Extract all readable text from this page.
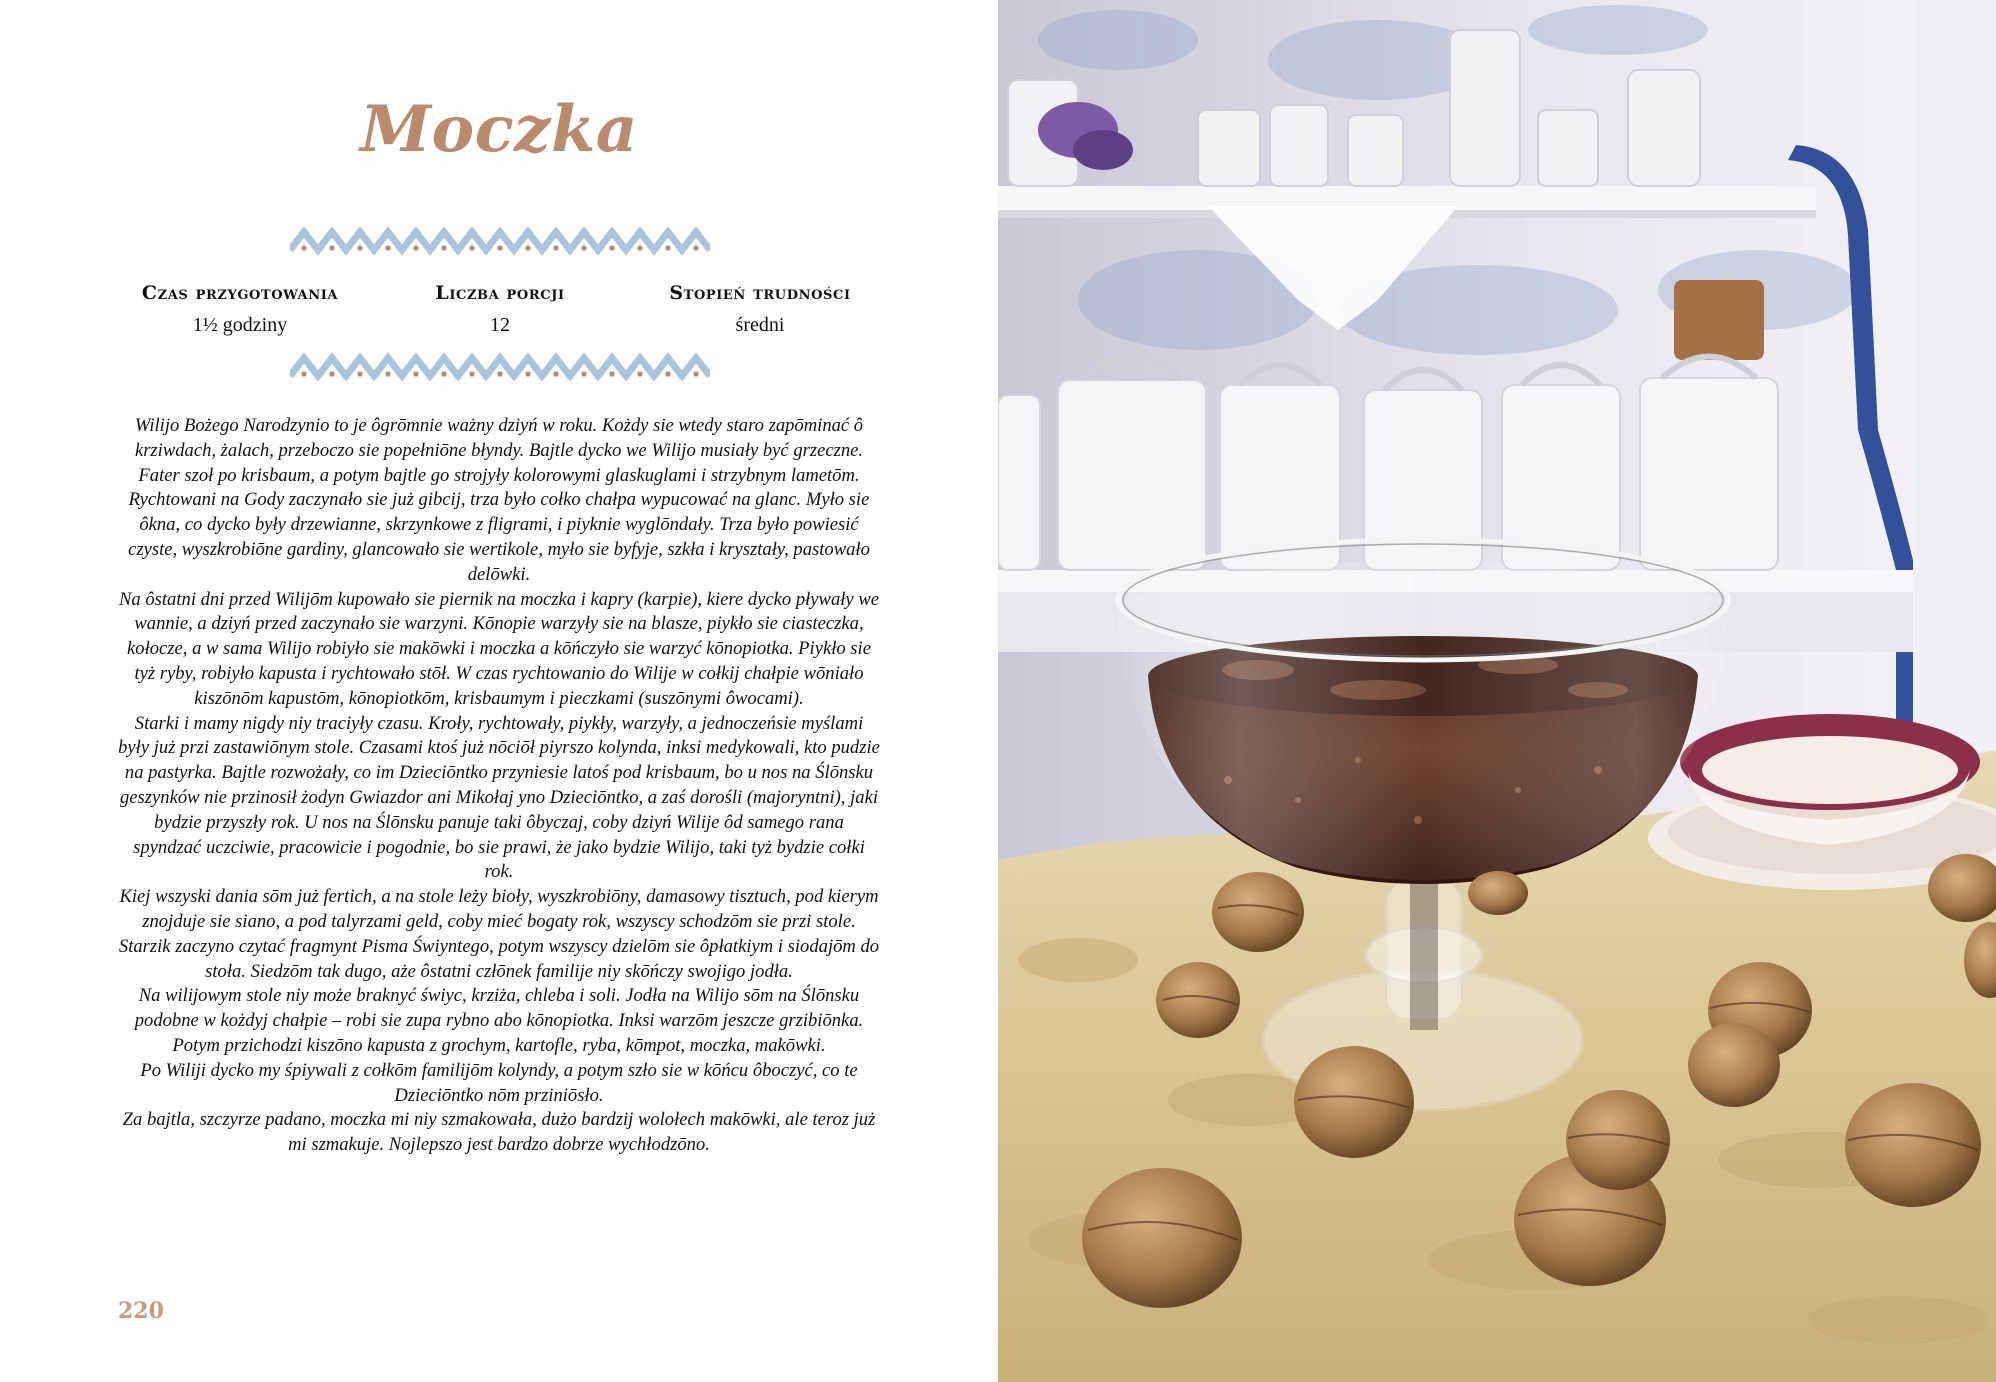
Moczka
Czas przygotowania
1½ godziny
Liczba porcji
12
Stopień trudności
średni

Wilijo Bożego Narodzynio to je ôgrōmnie ważny dziyń w roku. Kożdy sie wtedy staro zapōminać ô krziwdach, żalach, przeboczo sie popełniōne błyndy. Bajtle dycko we Wilijo musiały być grzeczne. Fater szoł po krisbaum, a potym bajtle go strojyły kolorowymi glaskuglami i strzybnym lametōm. Rychtowani na Gody zaczynało sie już gibcij, trza było cołko chałpa wypucować na glanc. Myło sie ôkna, co dycko były drzewianne, skrzynkowe z fligrami, i piyknie wyglōndały. Trza było powiesić czyste, wyszkrobiōne gardiny, glancowało sie wertikole, myło sie byfyje, szkła i kryształy, pastowało delōwki.

Na ôstatni dni przed Wilijōm kupowało sie piernik na moczka i kapry (karpie), kiere dycko pływały we wannie, a dziyń przed zaczynało sie warzyni. Kōnopie warzyły sie na blasze, piykło sie ciasteczka, kołocze, a w sama Wilijo robiyło sie makōwki i moczka a kōńczyło sie warzyć kōnopiotka. Piykło sie tyż ryby, robiyło kapusta i rychtowało stōł. W czas rychtowanio do Wilije w cołkij chałpie wōniało kiszōnōm kapustōm, kōnopiotkōm, krisbaumym i pieczkami (suszōnymi ôwocami).

Starki i mamy nigdy niy traciyły czasu. Kroły, rychtowały, piykły, warzyły, a jednoczeńsie myślami były już przi zastawiōnym stole. Czasami ktoś już nōciōł piyrszo kolynda, inksi medykowali, kto pudzie na pastyrka. Bajtle rozwożały, co im Dzieciōntko przyniesie latoś pod krisbaum, bo u nos na Ślōnsku geszynków nie przinosił żodyn Gwiazdor ani Mikołaj yno Dzieciōntko, a zaś dorośli (majoryntni), jaki bydzie przyszły rok. U nos na Ślōnsku panuje taki ôbyczaj, coby dziyń Wilije ôd samego rana spyndzać uczciwie, pracowicie i pogodnie, bo sie prawi, że jako bydzie Wilijo, taki tyż bydzie cołki rok.

Kiej wszyski dania sōm już fertich, a na stole leży bioły, wyszkrobiōny, damasowy tisztuch, pod kierym znojduje sie siano, a pod talyrzami geld, coby mieć bogaty rok, wszyscy schodzōm sie przi stole. Starzik zaczyno czytać fragmynt Pisma Świyntego, potym wszyscy dzielōm sie ôpłatkiym i siodajōm do stoła. Siedzōm tak dugo, aże ôstatni człōnek familije niy skōńczy swojigo jodła.

Na wilijowym stole niy może braknyć świyc, krziża, chleba i soli. Jodła na Wilijo sōm na Ślōnsku podobne w kożdyj chałpie – robi sie zupa rybno abo kōnopiotka. Inksi warzōm jeszcze grzibiōnka. Potym przichodzi kiszōno kapusta z grochym, kartofle, ryba, kōmpot, moczka, makōwki.

Po Wiliji dycko my śpiywali z cołkōm familijōm kolyndy, a potym szło sie w kōńcu ôboczyć, co te Dzieciōntko nōm prziniōsło.

Za bajtla, szczyrze padano, moczka mi niy szmakowała, dużo bardzij wolołech makōwki, ale teroz już mi szmakuje. Nojlepszo jest bardzo dobrze wychłodzōno.

220
